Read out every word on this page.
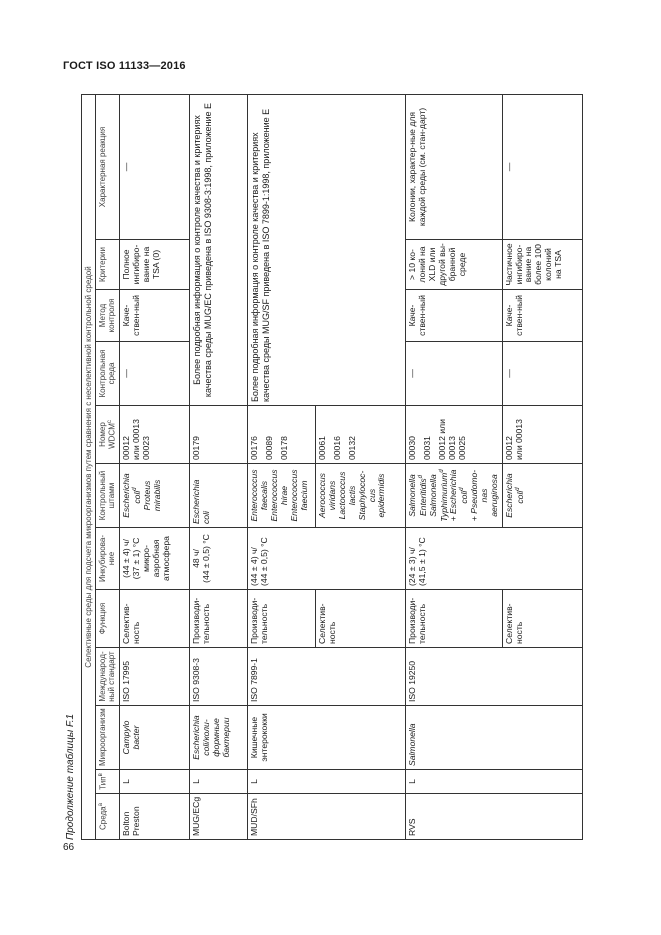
ГОСТ ISO 11133—2016
Продолжение таблицы F.1
Селективные среды для подсчета микроорганизмов путем сравнения с неселективной контрольной средой											
Среда$^а$	Тип$^в$	Микроорганизм	Междунарoд-ный стандарт	Функция	Инкубирова-ние	Контрольный штамм	Номер $WDCM^с$	Контрольная среда	Метод контроля	Критерии	Характерная реакция
Bolton Preston	L	Campylo bacter	ISO 17995	Селектив-ность	(44 ± 4) ч/ (37 ± 1) °С микро- аэробная атмосфера	Escherichia coli$^d$ Proteus mirabilis	00012 или 00013 00023	—	Каче-ствен-ный	Полное ингибиро-вание на TSA (0)	—
MUG/ECg	L	Escherichia coli/коли-формные бактерии	ISO 9308-3	Производи-тельность	48 ч/ (44 ± 0,5) °С	Escherichia coli	00179	Более подробная информация о контроле качества и критериях качества среды MUG/EC приведена в ISO 9308-3:1998, приложение E			
MUD/SFh	L	Кишечные энтерококки	ISO 7899-1	Производи-тельность	(44 ± 4) ч/ (44 ± 0,5) °С	Enterococcus faecalis Enterococcus hirae Enterococcus faecium	00176 00089 00178	Более подробная информация о контроле качества и критериях качества среды MUG/SF приведена в ISO 7899-1:1998, приложение E			
				Селектив-ность		Aerococcus viridans Lactococcus lactis Staphylococ-cus epidermidis	00061 00016 00132				

RVS	L	Salmonella	ISO 19250	Производи-тельность	(24 ± 3) ч/ (41,5 ± 1) °С	Salmonella Enteritidis$^d$ Salmonella Typhimurium$^d$ + Escherichia coli$^d$ + Pseudomo-nas aeruginosa	00030 00031 00012 или 00013 00025	—	Каче-ствен-ный	> 10 ко-лоний на XLD или другой вы-бранной среде	Колонии, характер-ные для каждой среды (см. стан-дарт)
				Селектив-ность		Escherichia coli$^d$	00012 или 00013	—	Каче-ствен-ный	Частичное ингибиро-вание на более 100 колоний на TSA	—
66
